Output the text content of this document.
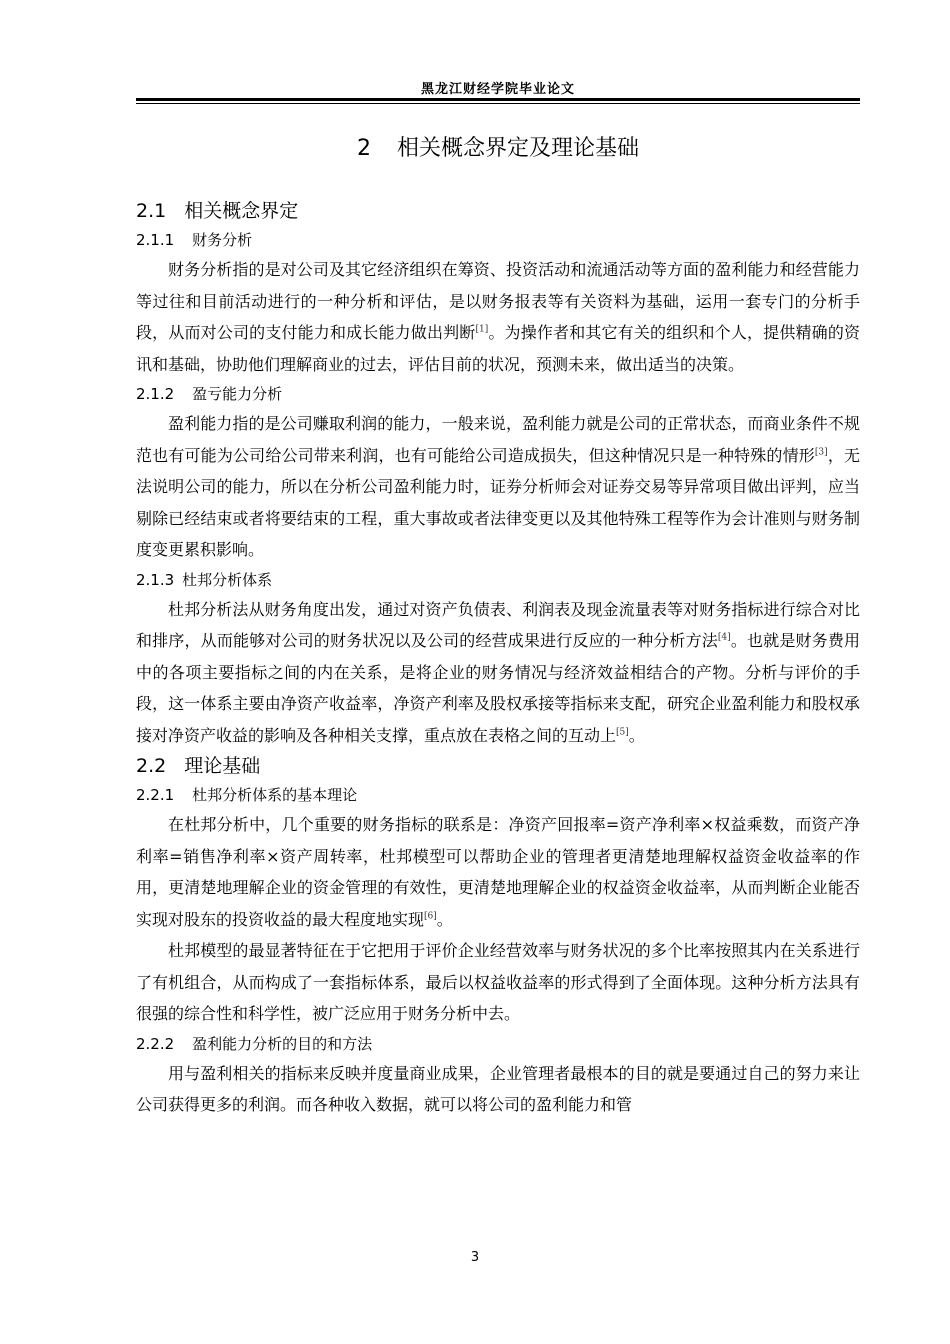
黑龙江财经学院毕业论文
2 相关概念界定及理论基础
2.1 相关概念界定
2.1.1 财务分析

财务分析指的是对公司及其它经济组织在筹资、投资活动和流通活动等方面的盈利能力和经营能力等过往和目前活动进行的一种分析和评估，是以财务报表等有关资料为基础，运用一套专门的分析手段，从而对公司的支付能力和成长能力做出判断[1]。为操作者和其它有关的组织和个人，提供精确的资讯和基础，协助他们理解商业的过去，评估目前的状况，预测未来，做出适当的决策。

2.1.2 盈亏能力分析

盈利能力指的是公司赚取利润的能力，一般来说，盈利能力就是公司的正常状态，而商业条件不规范也有可能为公司给公司带来利润，也有可能给公司造成损失，但这种情况只是一种特殊的情形[3]，无法说明公司的能力，所以在分析公司盈利能力时，证券分析师会对证券交易等异常项目做出评判，应当剔除已经结束或者将要结束的工程，重大事故或者法律变更以及其他特殊工程等作为会计准则与财务制度变更累积影响。

2.1.3 杜邦分析体系

杜邦分析法从财务角度出发，通过对资产负债表、利润表及现金流量表等对财务指标进行综合对比和排序，从而能够对公司的财务状况以及公司的经营成果进行反应的一种分析方法[4]。也就是财务费用中的各项主要指标之间的内在关系，是将企业的财务情况与经济效益相结合的产物。分析与评价的手段，这一体系主要由净资产收益率，净资产利率及股权承接等指标来支配，研究企业盈利能力和股权承接对净资产收益的影响及各种相关支撑，重点放在表格之间的互动上[5]。

2.2 理论基础
2.2.1 杜邦分析体系的基本理论

在杜邦分析中，几个重要的财务指标的联系是：净资产回报率=资产净利率×权益乘数，而资产净利率=销售净利率×资产周转率，杜邦模型可以帮助企业的管理者更清楚地理解权益资金收益率的作用，更清楚地理解企业的资金管理的有效性，更清楚地理解企业的权益资金收益率，从而判断企业能否实现对股东的投资收益的最大程度地实现[6]。

杜邦模型的最显著特征在于它把用于评价企业经营效率与财务状况的多个比率按照其内在关系进行了有机组合，从而构成了一套指标体系，最后以权益收益率的形式得到了全面体现。这种分析方法具有很强的综合性和科学性，被广泛应用于财务分析中去。

2.2.2 盈利能力分析的目的和方法

用与盈利相关的指标来反映并度量商业成果，企业管理者最根本的目的就是要通过自己的努力来让公司获得更多的利润。而各种收入数据，就可以将公司的盈利能力和管

3
